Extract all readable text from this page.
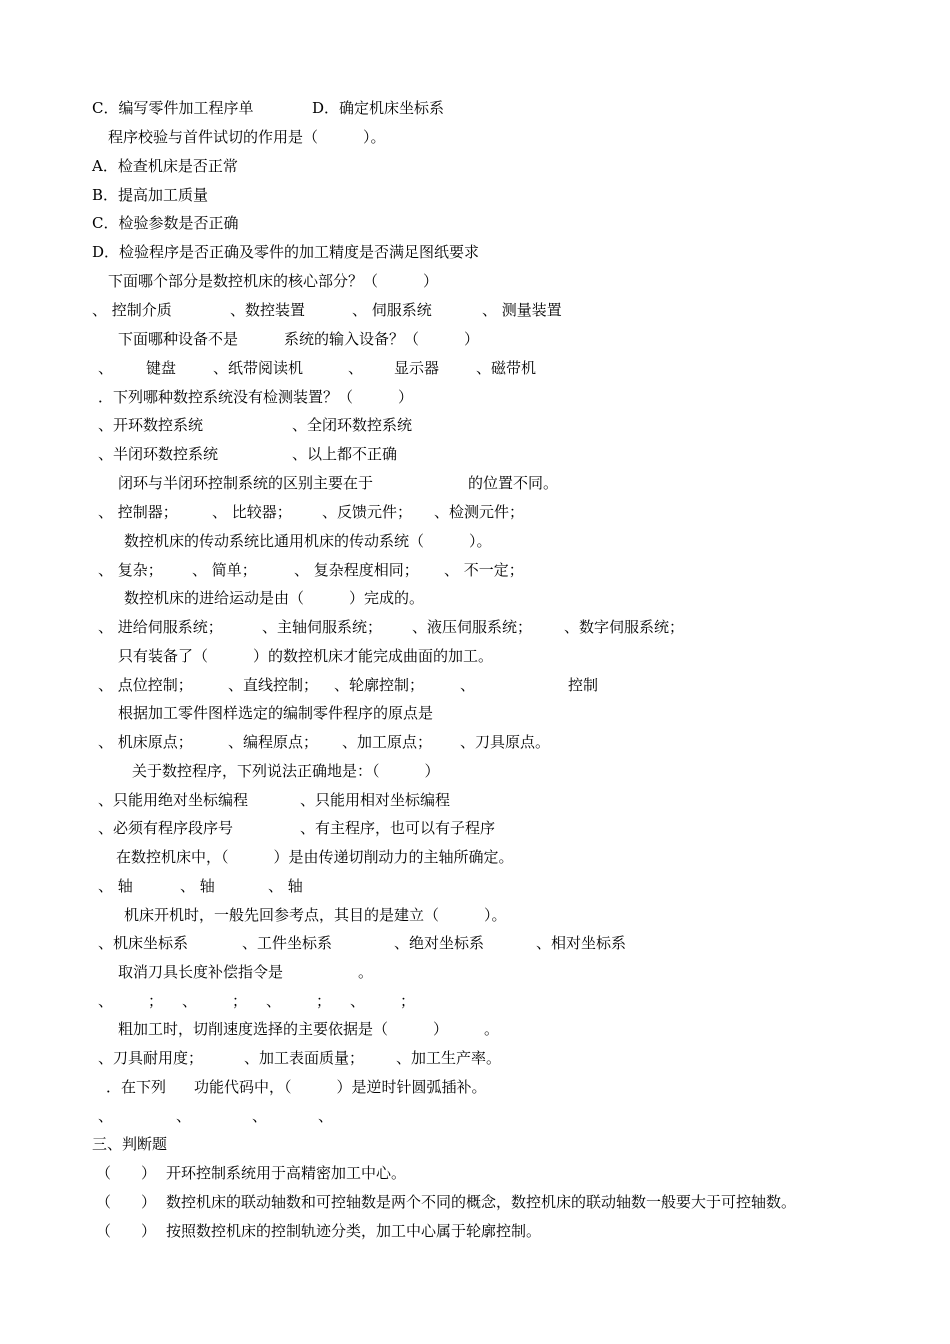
C．编写零件加工程序单	D．确定机床坐标系
程序校验与首件试切的作用是（　　　）。
A．检查机床是否正常
B．提高加工质量
C．检验参数是否正确
D．检验程序是否正确及零件的加工精度是否满足图纸要求
下面哪个部分是数控机床的核心部分？（　　　）
、 控制介质	、数控装置	、 伺服系统	、 测量装置
下面哪种设备不是	系统的输入设备？（　　　）
、 键盘 、纸带阅读机	、 显示器 、磁带机
．下列哪种数控系统没有检测装置？（　　　）
、开环数控系统	、全闭环数控系统
、半闭环数控系统	、以上都不正确
闭环与半闭环控制系统的区别主要在于	的位置不同。
、 控制器； 、 比较器； 、反馈元件； 、检测元件；
数控机床的传动系统比通用机床的传动系统（　　　）。
、 复杂； 、 简单； 、 复杂程度相同； 、 不一定；
数控机床的进给运动是由（　　　）完成的。
、 进给伺服系统；	、主轴伺服系统； 、液压伺服系统； 、数字伺服系统；
只有装备了（　　　）的数控机床才能完成曲面的加工。
、 点位控制； 、直线控制； 、轮廓控制； 、	控制
根据加工零件图样选定的编制零件程序的原点是
、 机床原点； 、编程原点； 、加工原点； 、刀具原点。
关于数控程序，下列说法正确地是：（　　　）
、只能用绝对坐标编程	、只能用相对坐标编程
、必须有程序段序号	、有主程序，也可以有子程序
在数控机床中，（　　　）是由传递切削动力的主轴所确定。
、 轴	、 轴	、 轴
机床开机时，一般先回参考点，其目的是建立（　　　）。
、机床坐标系	、工件坐标系	、绝对坐标系	、相对坐标系
取消刀具长度补偿指令是	。
、 ； 、 ； 、 ； 、 ；
粗加工时，切削速度选择的主要依据是（　　　） 。
、刀具耐用度；	、加工表面质量； 、加工生产率。
．在下列 功能代码中，（　　　）是逆时针圆弧插补。
、	、	、	、
三、判断题
（　　） 开环控制系统用于高精密加工中心。
（　　） 数控机床的联动轴数和可控轴数是两个不同的概念，数控机床的联动轴数一般要大于可控轴数。
（　　） 按照数控机床的控制轨迹分类，加工中心属于轮廓控制。
